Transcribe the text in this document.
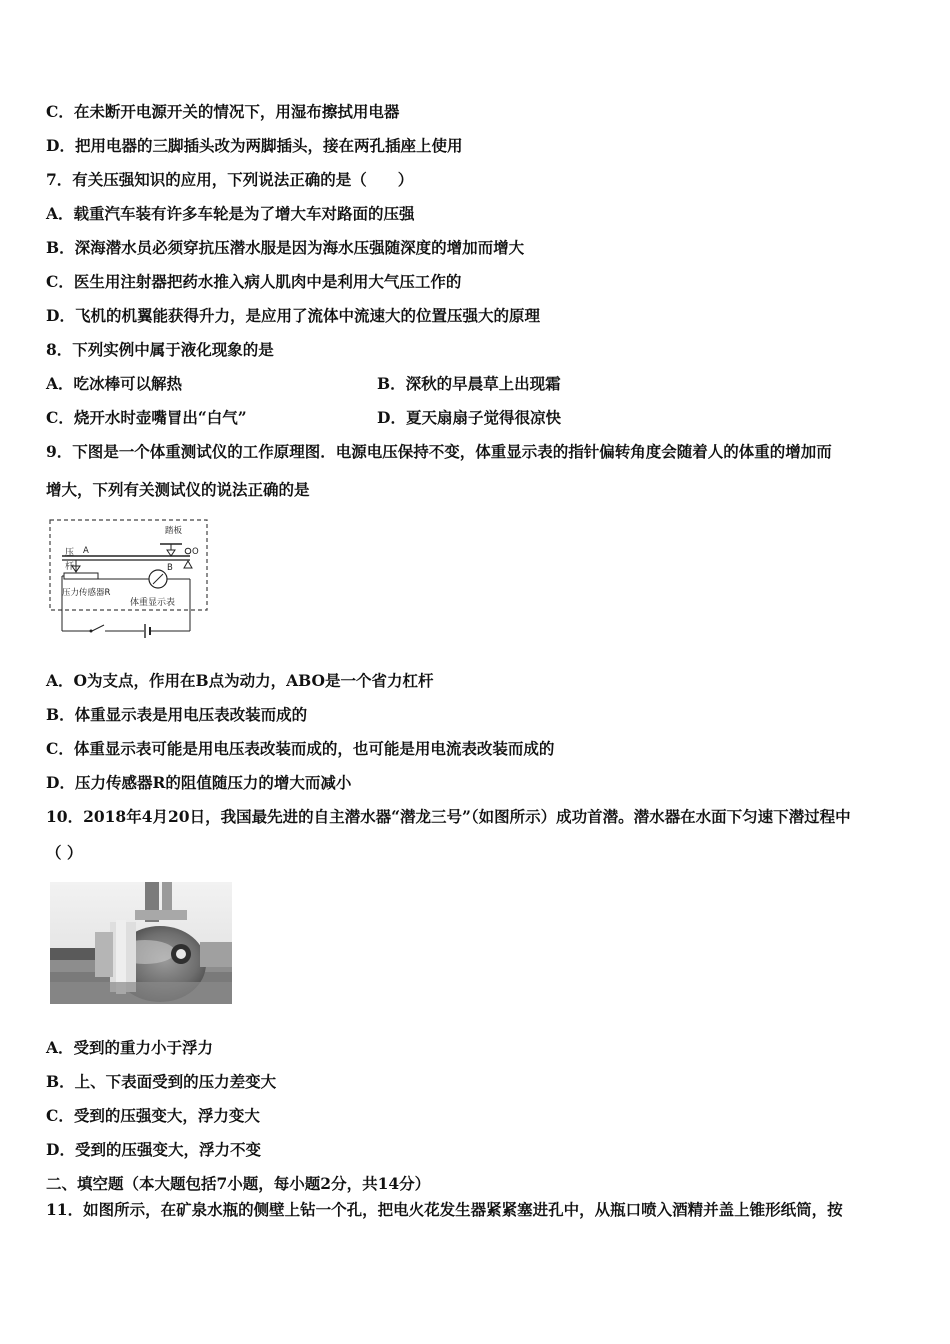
C．在未断开电源开关的情况下，用湿布擦拭用电器
D．把用电器的三脚插头改为两脚插头，接在两孔插座上使用
7．有关压强知识的应用，下列说法正确的是（　　）
A．载重汽车装有许多车轮是为了增大车对路面的压强
B．深海潜水员必须穿抗压潜水服是因为海水压强随深度的增加而增大
C．医生用注射器把药水推入病人肌肉中是利用大气压工作的
D．飞机的机翼能获得升力，是应用了流体中流速大的位置压强大的原理
8．下列实例中属于液化现象的是
A．吃冰棒可以解热	B．深秋的早晨草上出现霜
C．烧开水时壶嘴冒出“白气”	D．夏天扇扇子觉得很凉快
9．下图是一个体重测试仪的工作原理图．电源电压保持不变，体重显示表的指针偏转角度会随着人的体重的增加而
增大，下列有关测试仪的说法正确的是
踏板
压
杆
A
B
O
压力传感器R
体重显示表
A．O为支点，作用在B点为动力，ABO是一个省力杠杆
B．体重显示表是用电压表改装而成的
C．体重显示表可能是用电压表改装而成的，也可能是用电流表改装而成的
D．压力传感器R的阻值随压力的增大而减小
10．2018年4月20日，我国最先进的自主潜水器“潜龙三号”（如图所示）成功首潜。潜水器在水面下匀速下潜过程中
（ ）
A．受到的重力小于浮力
B．上、下表面受到的压力差变大
C．受到的压强变大，浮力变大
D．受到的压强变大，浮力不变
二、填空题（本大题包括7小题，每小题2分，共14分）
11．如图所示，在矿泉水瓶的侧壁上钻一个孔，把电火花发生器紧紧塞进孔中，从瓶口喷入酒精并盖上锥形纸筒，按
